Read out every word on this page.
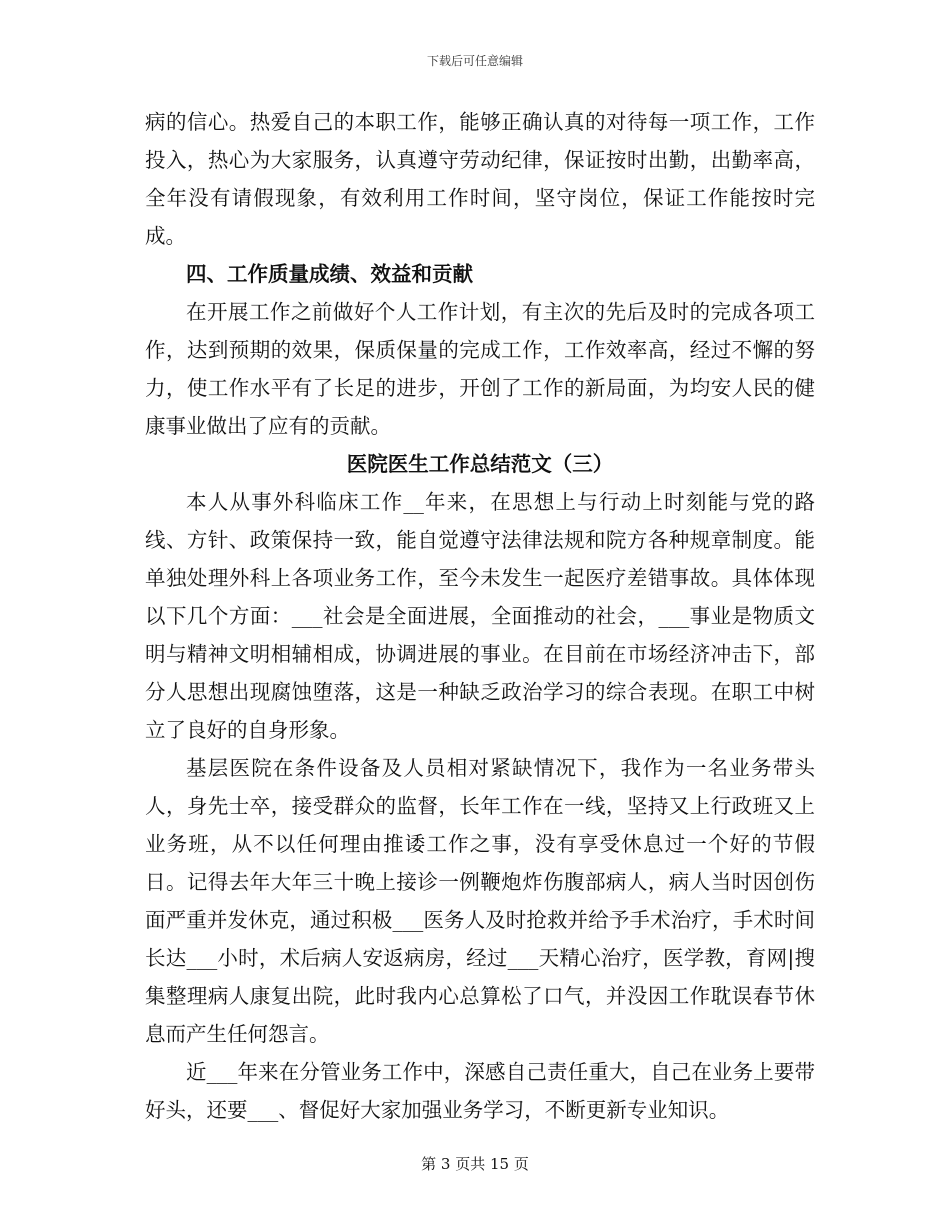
下载后可任意编辑

病的信心。热爱自己的本职工作，能够正确认真的对待每一项工作，工作投入，热心为大家服务，认真遵守劳动纪律，保证按时出勤，出勤率高，全年没有请假现象，有效利用工作时间，坚守岗位，保证工作能按时完成。

四、工作质量成绩、效益和贡献

在开展工作之前做好个人工作计划，有主次的先后及时的完成各项工作，达到预期的效果，保质保量的完成工作，工作效率高，经过不懈的努力，使工作水平有了长足的进步，开创了工作的新局面，为均安人民的健康事业做出了应有的贡献。

医院医生工作总结范文（三）

本人从事外科临床工作__年来，在思想上与行动上时刻能与党的路线、方针、政策保持一致，能自觉遵守法律法规和院方各种规章制度。能单独处理外科上各项业务工作，至今未发生一起医疗差错事故。具体体现以下几个方面：___社会是全面进展，全面推动的社会，___事业是物质文明与精神文明相辅相成，协调进展的事业。在目前在市场经济冲击下，部分人思想出现腐蚀堕落，这是一种缺乏政治学习的综合表现。在职工中树立了良好的自身形象。

基层医院在条件设备及人员相对紧缺情况下，我作为一名业务带头人，身先士卒，接受群众的监督，长年工作在一线，坚持又上行政班又上业务班，从不以任何理由推诿工作之事，没有享受休息过一个好的节假日。记得去年大年三十晚上接诊一例鞭炮炸伤腹部病人，病人当时因创伤面严重并发休克，通过积极___医务人及时抢救并给予手术治疗，手术时间长达___小时，术后病人安返病房，经过___天精心治疗，医学教，育网|搜集整理病人康复出院，此时我内心总算松了口气，并没因工作耽误春节休息而产生任何怨言。

近___年来在分管业务工作中，深感自己责任重大，自己在业务上要带好头，还要___、督促好大家加强业务学习，不断更新专业知识。

第 3 页共 15 页
